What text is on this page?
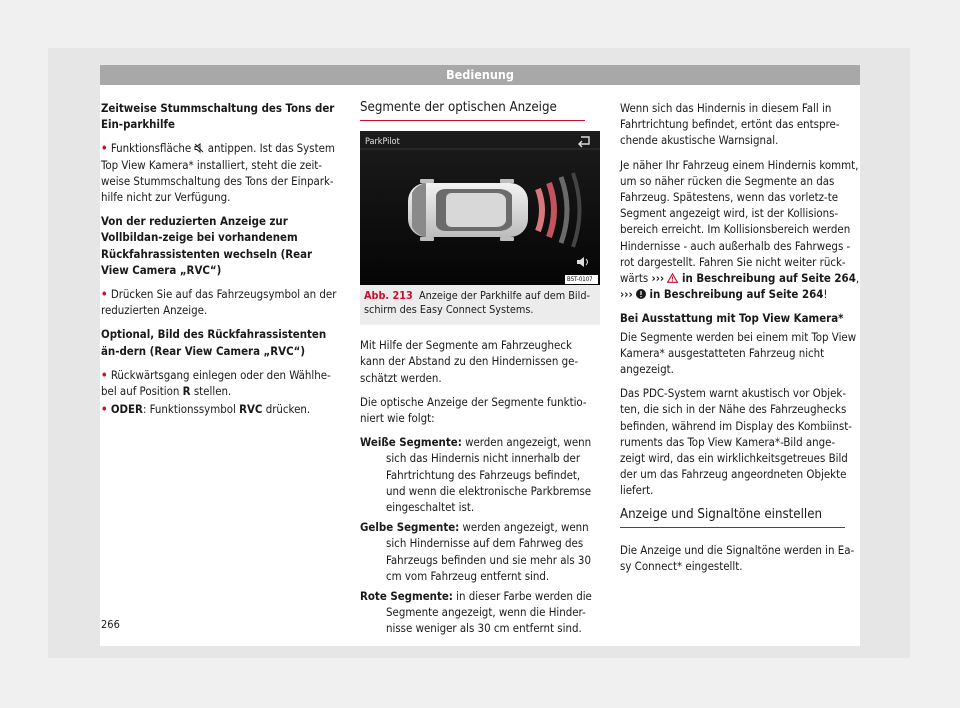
Bedienung

Zeitweise Stummschaltung des Tons der Ein-parkhilfe

• Funktionsfläche  antippen. Ist das System Top View Kamera* installiert, steht die zeit-weise Stummschaltung des Tons der Einpark-hilfe nicht zur Verfügung.

Von der reduzierten Anzeige zur Vollbildan-zeige bei vorhandenem Rückfahrassistenten wechseln (Rear View Camera „RVC“)

• Drücken Sie auf das Fahrzeugsymbol an der reduzierten Anzeige.

Optional, Bild des Rückfahrassistenten än-dern (Rear View Camera „RVC“)

• Rückwärtsgang einlegen oder den Wählhe-bel auf Position R stellen.

• ODER: Funktionssymbol RVC drücken.

Segmente der optischen Anzeige
ParkPilot
B5T-0107
Abb. 213 Anzeige der Parkhilfe auf dem Bild-schirm des Easy Connect Systems.

Mit Hilfe der Segmente am Fahrzeugheck kann der Abstand zu den Hindernissen ge-schätzt werden.

Die optische Anzeige der Segmente funktio-niert wie folgt:

Weiße Segmente: werden angezeigt, wenn sich das Hindernis nicht innerhalb der Fahrtrichtung des Fahrzeugs befindet, und wenn die elektronische Parkbremse eingeschaltet ist.
Gelbe Segmente: werden angezeigt, wenn sich Hindernisse auf dem Fahrweg des Fahrzeugs befinden und sie mehr als 30 cm vom Fahrzeug entfernt sind.
Rote Segmente: in dieser Farbe werden die Segmente angezeigt, wenn die Hinder-nisse weniger als 30 cm entfernt sind.

Wenn sich das Hindernis in diesem Fall in Fahrtrichtung befindet, ertönt das entspre-chende akustische Warnsignal.

Je näher Ihr Fahrzeug einem Hindernis kommt, um so näher rücken die Segmente an das Fahrzeug. Spätestens, wenn das vorletz-te Segment angezeigt wird, ist der Kollisions-bereich erreicht. Im Kollisionsbereich werden Hindernisse - auch außerhalb des Fahrwegs - rot dargestellt. Fahren Sie nicht weiter rück-wärts ›››  in Beschreibung auf Seite 264,
›››  in Beschreibung auf Seite 264!

Bei Ausstattung mit Top View Kamera*

Die Segmente werden bei einem mit Top View Kamera* ausgestatteten Fahrzeug nicht angezeigt.

Das PDC-System warnt akustisch vor Objek-ten, die sich in der Nähe des Fahrzeughecks befinden, während im Display des Kombiinst-ruments das Top View Kamera*-Bild ange-zeigt wird, das ein wirklichkeitsgetreues Bild der um das Fahrzeug angeordneten Objekte liefert.

Anzeige und Signaltöne einstellen

Die Anzeige und die Signaltöne werden in Ea-sy Connect* eingestellt.

266
